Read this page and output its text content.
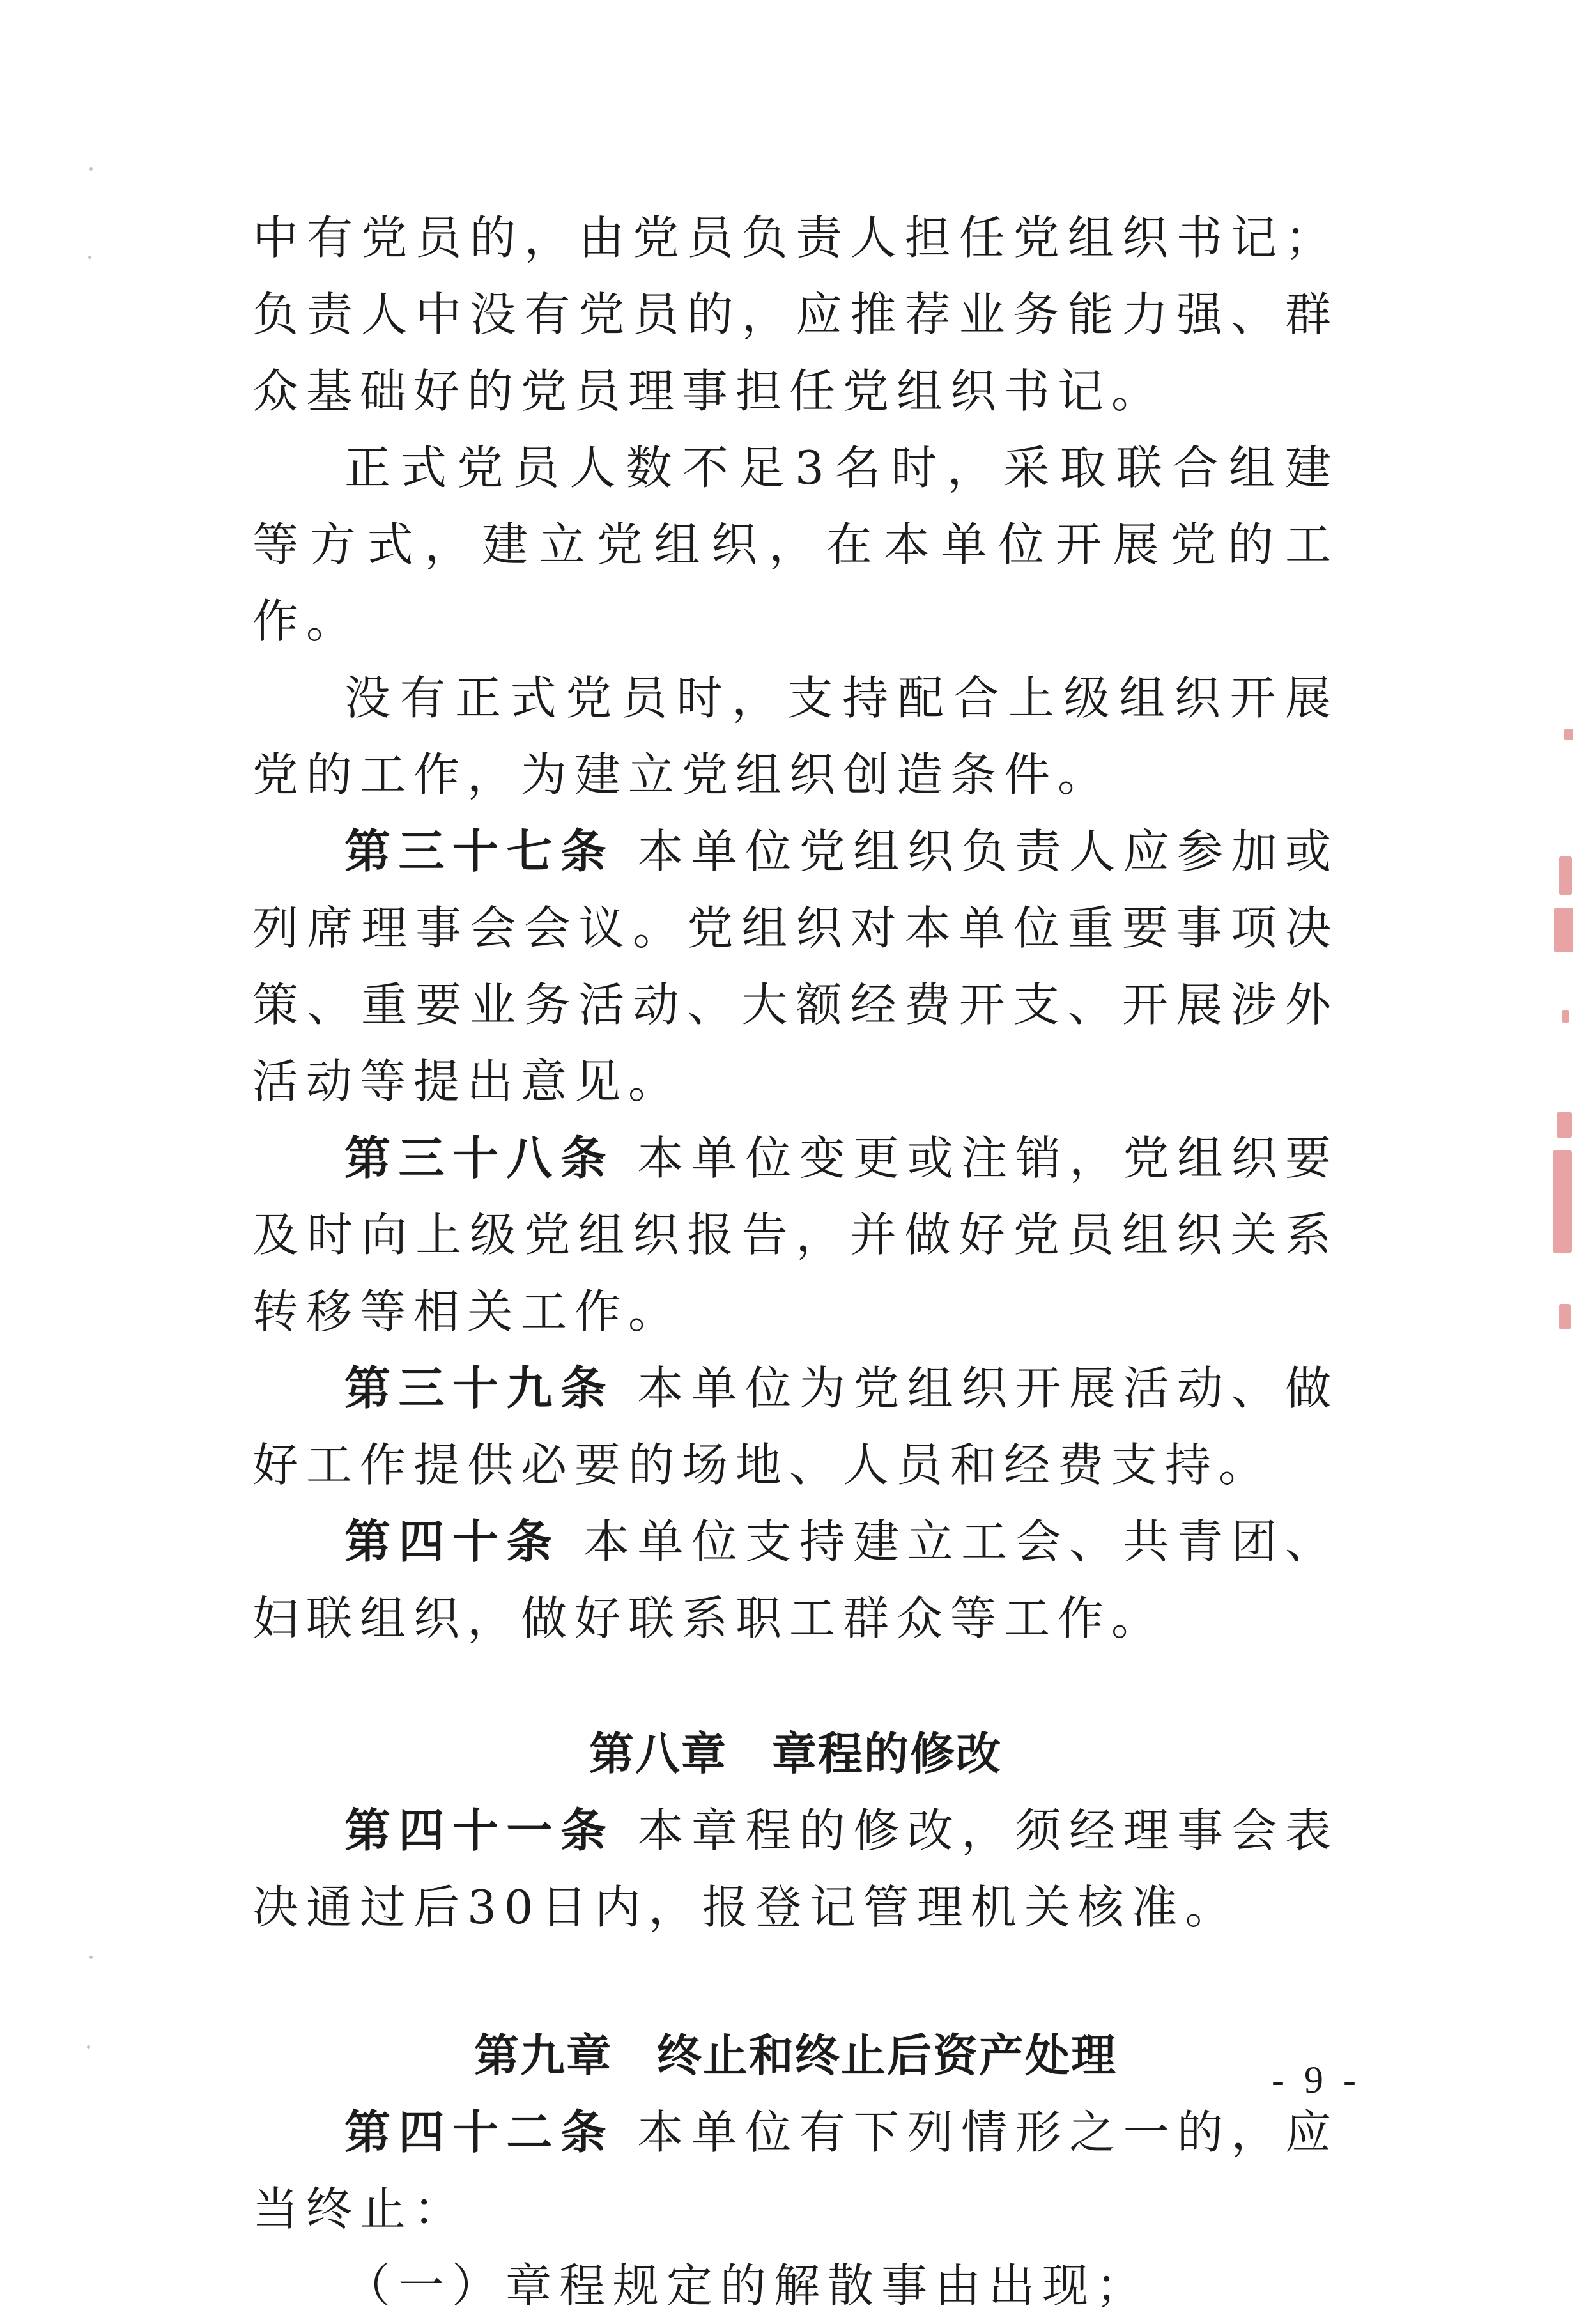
中有党员的，由党员负责人担任党组织书记；负责人中没有党员的，应推荐业务能力强、群众基础好的党员理事担任党组织书记。

正式党员人数不足3名时，采取联合组建等方式，建立党组织，在本单位开展党的工作。

没有正式党员时，支持配合上级组织开展党的工作，为建立党组织创造条件。

第三十七条 本单位党组织负责人应参加或列席理事会会议。党组织对本单位重要事项决策、重要业务活动、大额经费开支、开展涉外活动等提出意见。

第三十八条 本单位变更或注销，党组织要及时向上级党组织报告，并做好党员组织关系转移等相关工作。

第三十九条 本单位为党组织开展活动、做好工作提供必要的场地、人员和经费支持。

第四十条 本单位支持建立工会、共青团、妇联组织，做好联系职工群众等工作。

第八章 章程的修改

第四十一条 本章程的修改，须经理事会表决通过后30日内，报登记管理机关核准。

第九章 终止和终止后资产处理

第四十二条 本单位有下列情形之一的，应当终止：

（一）章程规定的解散事由出现；

- 9 -
